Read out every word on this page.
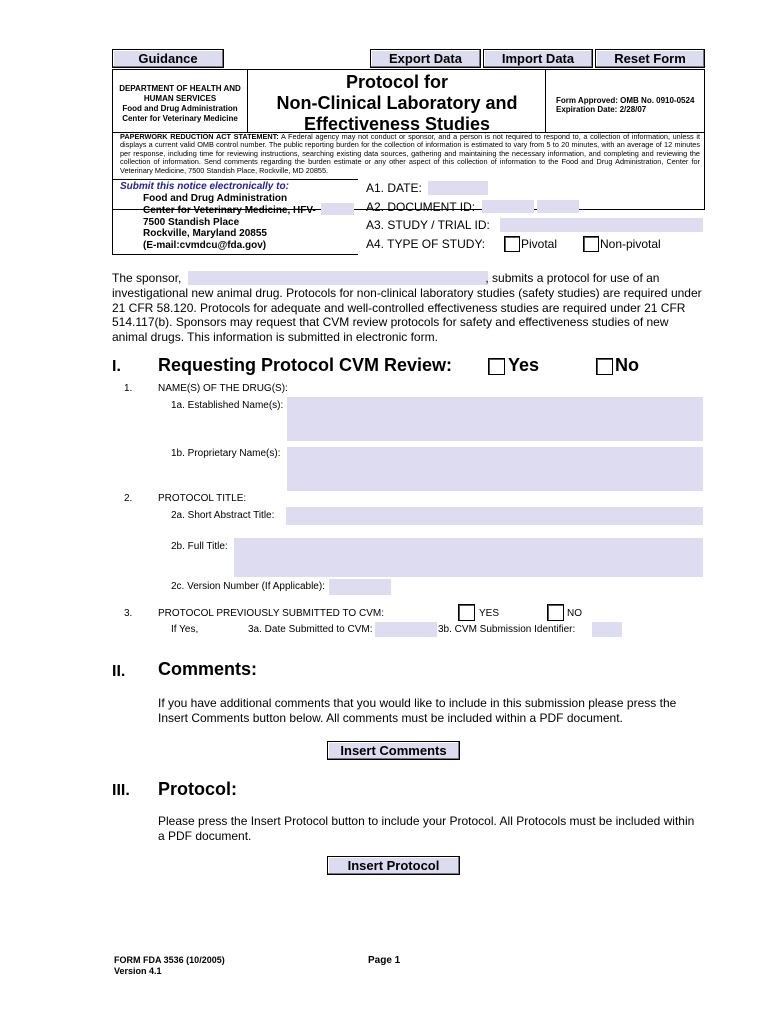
Guidance	Export Data	Import Data	Reset Form
DEPARTMENT OF HEALTH AND
HUMAN SERVICES
Food and Drug Administration
Center for Veterinary Medicine
Protocol for
Non-Clinical Laboratory and
Effectiveness Studies
Form Approved: OMB No. 0910-0524
Expiration Date: 2/28/07
PAPERWORK REDUCTION ACT STATEMENT: A Federal agency may not conduct or sponsor, and a person is not required to respond to, a collection of information, unless it displays a current valid OMB control number. The public reporting burden for the collection of information is estimated to vary from 5 to 20 minutes, with an average of 12 minutes per response, including time for reviewing instructions, searching existing data sources, gathering and maintaining the necessary information, and completing and reviewing the collection of information. Send comments regarding the burden estimate or any other aspect of this collection of information to the Food and Drug Administration, Center for Veterinary Medicine, 7500 Standish Place, Rockville, MD 20855.
Submit this notice electronically to:
Food and Drug Administration
Center for Veterinary Medicine, HFV-
7500 Standish Place
Rockville, Maryland 20855
(E-mail:cvmdcu@fda.gov)
A1. DATE:
A2. DOCUMENT ID:
A3. STUDY / TRIAL ID:
A4. TYPE OF STUDY:	Pivotal	Non-pivotal
The sponsor,	, submits a protocol for use of an investigational new animal drug. Protocols for non-clinical laboratory studies (safety studies) are required under 21 CFR 58.120. Protocols for adequate and well-controlled effectiveness studies are required under 21 CFR 514.117(b). Sponsors may request that CVM review protocols for safety and effectiveness studies of new animal drugs. This information is submitted in electronic form.
I. Requesting Protocol CVM Review:	Yes	No
1.	NAME(S) OF THE DRUG(S):
1a. Established Name(s):
1b. Proprietary Name(s):
2.	PROTOCOL TITLE:
2a. Short Abstract Title:
2b. Full Title:
2c. Version Number (If Applicable):
3.	PROTOCOL PREVIOUSLY SUBMITTED TO CVM:	YES	NO
If Yes,	3a. Date Submitted to CVM:	3b. CVM Submission Identifier:
II. Comments:
If you have additional comments that you would like to include in this submission please press the Insert Comments button below. All comments must be included within a PDF document.
Insert Comments
III. Protocol:
Please press the Insert Protocol button to include your Protocol. All Protocols must be included within a PDF document.
Insert Protocol
FORM FDA 3536 (10/2005)
Version 4.1
Page 1
